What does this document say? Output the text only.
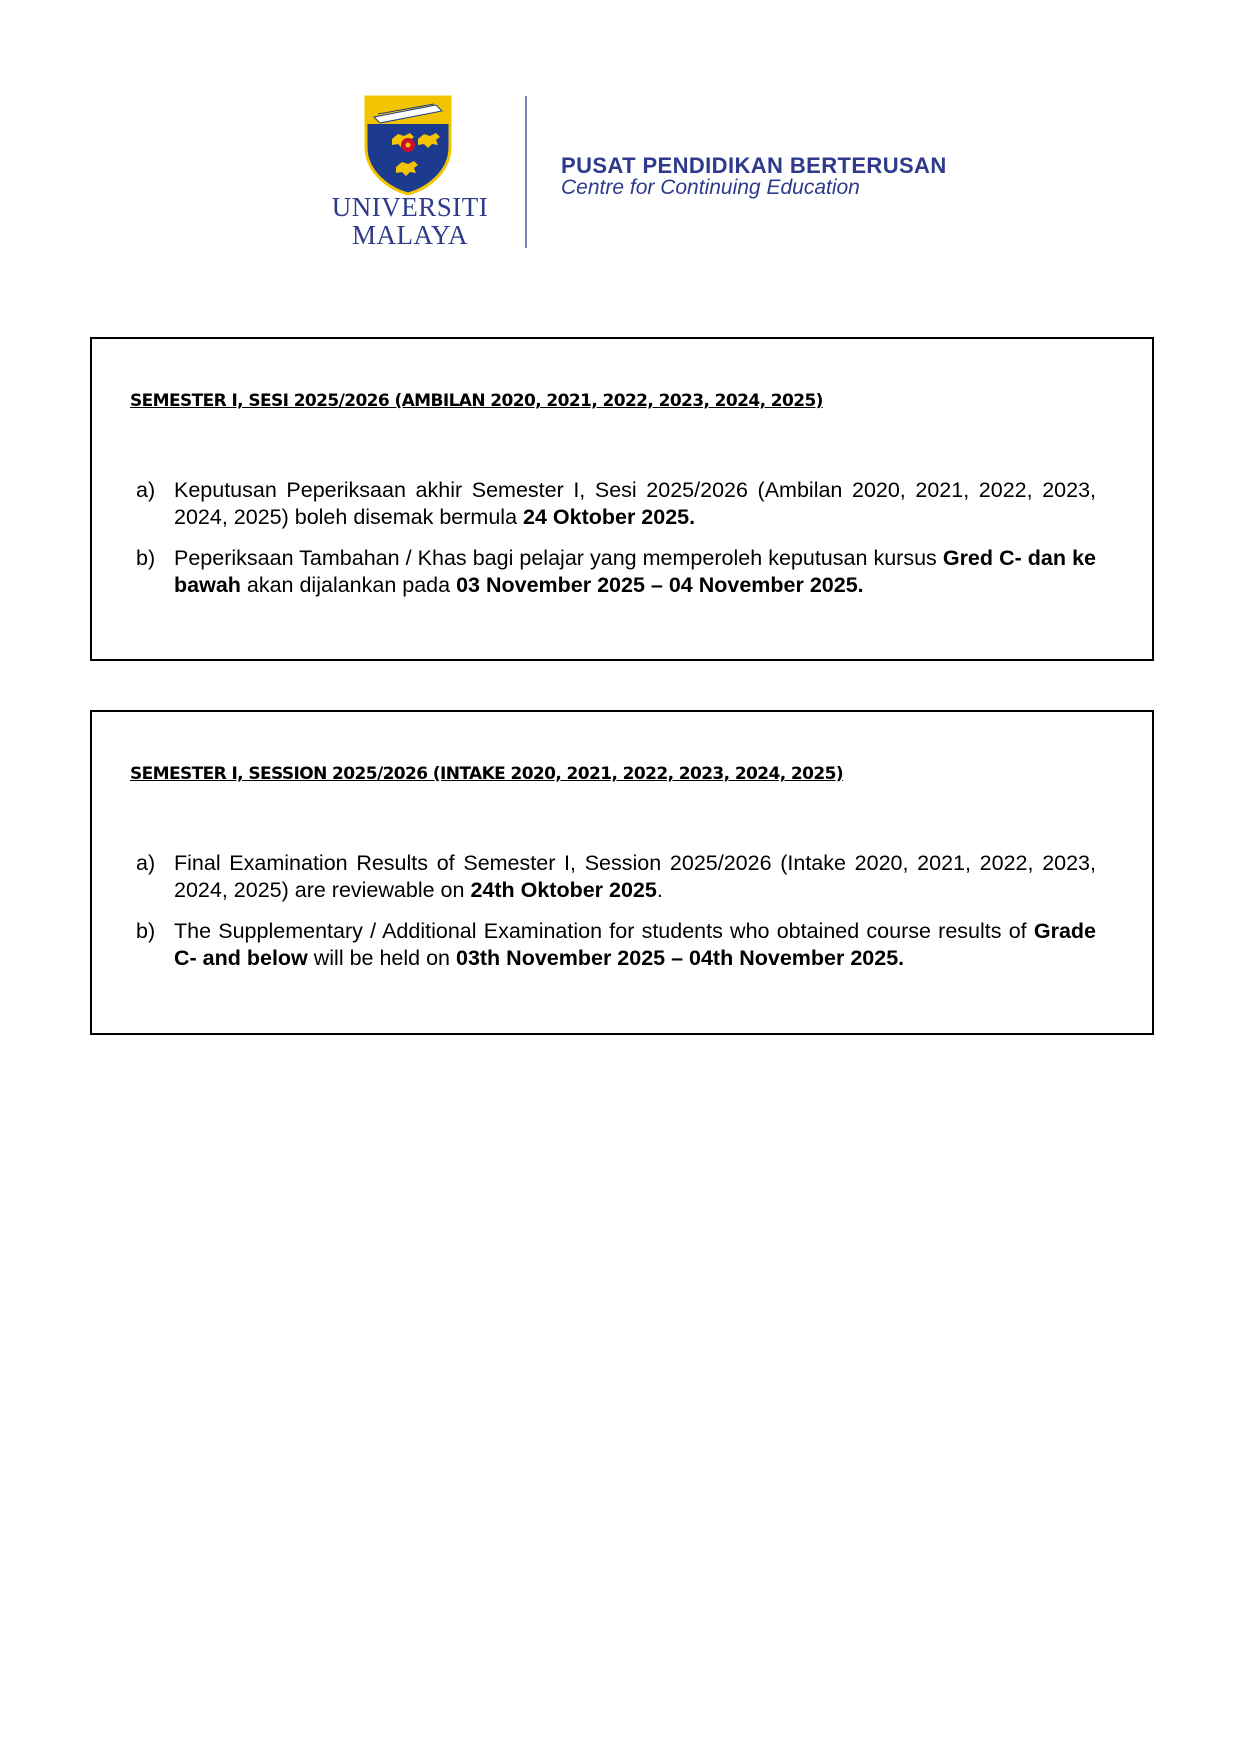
UNIVERSITI
MALAYA
PUSAT PENDIDIKAN BERTERUSAN
Centre for Continuing Education
SEMESTER I, SESI 2025/2026 (AMBILAN 2020, 2021, 2022, 2023, 2024, 2025)
a) Keputusan Peperiksaan akhir Semester I, Sesi 2025/2026 (Ambilan 2020, 2021, 2022, 2023, 2024, 2025) boleh disemak bermula 24 Oktober 2025.
b) Peperiksaan Tambahan / Khas bagi pelajar yang memperoleh keputusan kursus Gred C- dan ke bawah akan dijalankan pada 03 November 2025 – 04 November 2025.
SEMESTER I, SESSION 2025/2026 (INTAKE 2020, 2021, 2022, 2023, 2024, 2025)
a) Final Examination Results of Semester I, Session 2025/2026 (Intake 2020, 2021, 2022, 2023, 2024, 2025) are reviewable on 24th Oktober 2025.
b) The Supplementary / Additional Examination for students who obtained course results of Grade C- and below will be held on 03th November 2025 – 04th November 2025.
